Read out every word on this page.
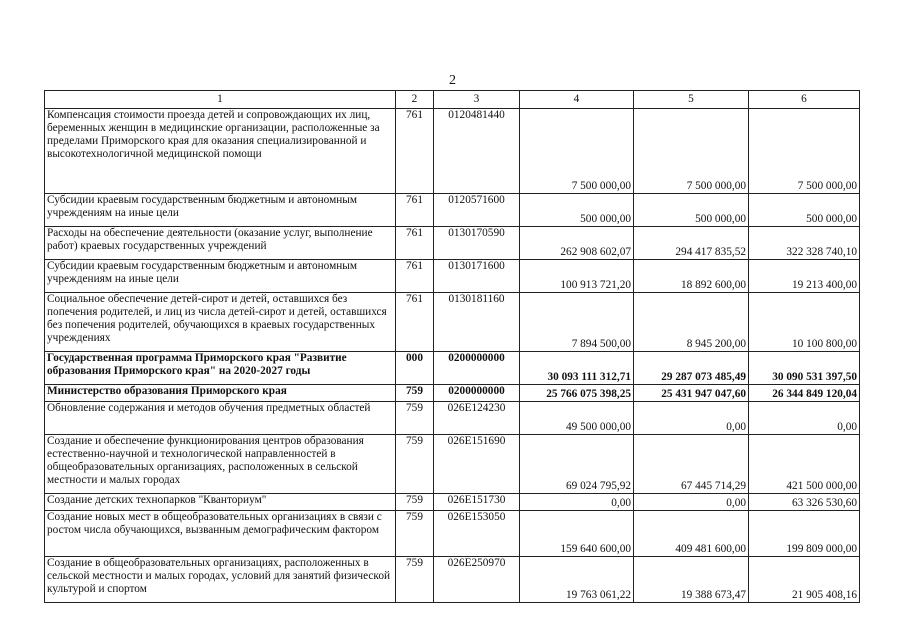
2
1	2	3	4	5	6
Компенсация стоимости проезда детей и сопровождающих их лиц, беременных женщин в медицинские организации, расположенные за пределами Приморского края для оказания специализированной и высокотехнологичной медицинской помощи	761	0120481440	7 500 000,00	7 500 000,00	7 500 000,00
Субсидии краевым государственным бюджетным и автономным учреждениям на иные цели	761	0120571600	500 000,00	500 000,00	500 000,00
Расходы на обеспечение деятельности (оказание услуг, выполнение работ) краевых государственных учреждений	761	0130170590	262 908 602,07	294 417 835,52	322 328 740,10
Субсидии краевым государственным бюджетным и автономным учреждениям на иные цели	761	0130171600	100 913 721,20	18 892 600,00	19 213 400,00
Социальное обеспечение детей-сирот и детей, оставшихся без попечения родителей, и лиц из числа детей-сирот и детей, оставшихся без попечения родителей, обучающихся в краевых государственных учреждениях	761	0130181160	7 894 500,00	8 945 200,00	10 100 800,00
Государственная программа Приморского края "Развитие образования Приморского края" на 2020-2027 годы	000	0200000000	30 093 111 312,71	29 287 073 485,49	30 090 531 397,50
Министерство образования Приморского края	759	0200000000	25 766 075 398,25	25 431 947 047,60	26 344 849 120,04
Обновление содержания и методов обучения предметных областей	759	026E124230	49 500 000,00	0,00	0,00
Создание и обеспечение функционирования центров образования естественно-научной и технологической направленностей в общеобразовательных организациях, расположенных в сельской местности и малых городах	759	026E151690	69 024 795,92	67 445 714,29	421 500 000,00
Создание детских технопарков "Кванториум"	759	026E151730	0,00	0,00	63 326 530,60
Создание новых мест в общеобразовательных организациях в связи с ростом числа обучающихся, вызванным демографическим фактором	759	026E153050	159 640 600,00	409 481 600,00	199 809 000,00
Создание в общеобразовательных организациях, расположенных в сельской местности и малых городах, условий для занятий физической культурой и спортом	759	026E250970	19 763 061,22	19 388 673,47	21 905 408,16
